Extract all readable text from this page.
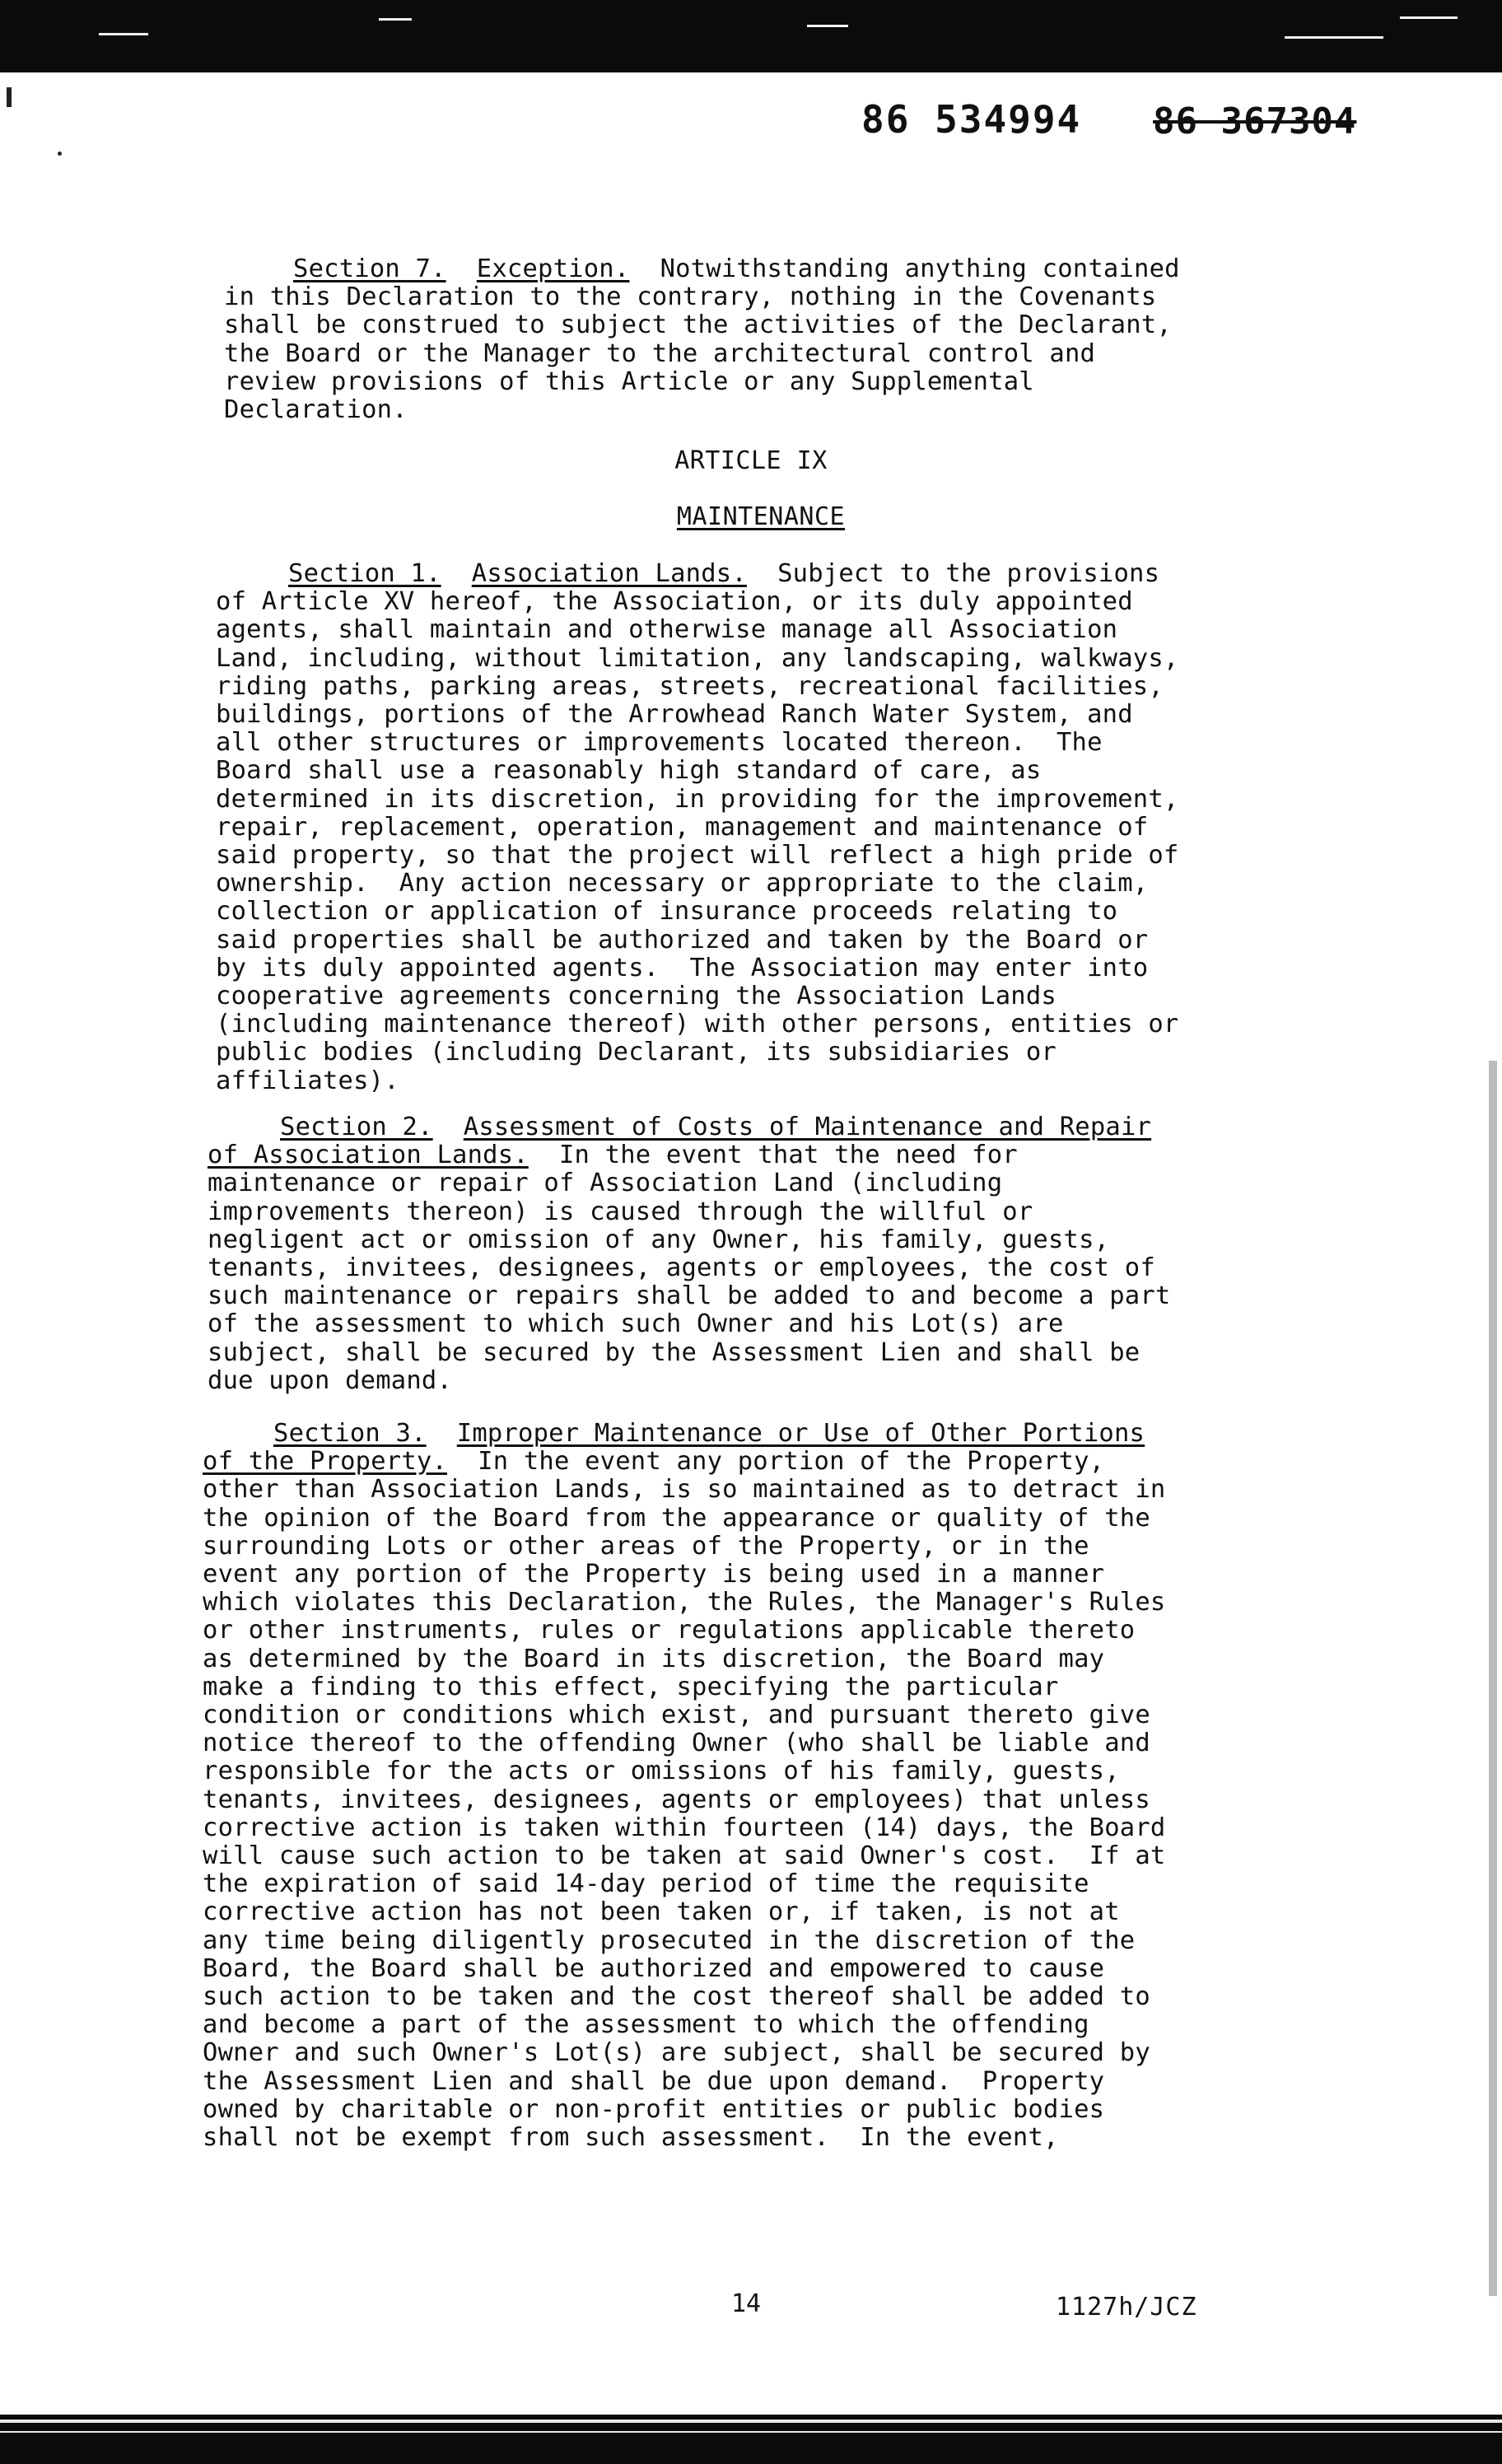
86 534994 86 367304
Section 7. Exception. Notwithstanding anything contained
in this Declaration to the contrary, nothing in the Covenants
shall be construed to subject the activities of the Declarant,
the Board or the Manager to the architectural control and
review provisions of this Article or any Supplemental
Declaration.
ARTICLE IX
MAINTENANCE
Section 1. Association Lands. Subject to the provisions
of Article XV hereof, the Association, or its duly appointed
agents, shall maintain and otherwise manage all Association
Land, including, without limitation, any landscaping, walkways,
riding paths, parking areas, streets, recreational facilities,
buildings, portions of the Arrowhead Ranch Water System, and
all other structures or improvements located thereon.  The
Board shall use a reasonably high standard of care, as
determined in its discretion, in providing for the improvement,
repair, replacement, operation, management and maintenance of
said property, so that the project will reflect a high pride of
ownership.  Any action necessary or appropriate to the claim,
collection or application of insurance proceeds relating to
said properties shall be authorized and taken by the Board or
by its duly appointed agents.  The Association may enter into
cooperative agreements concerning the Association Lands
(including maintenance thereof) with other persons, entities or
public bodies (including Declarant, its subsidiaries or
affiliates).
Section 2. Assessment of Costs of Maintenance and Repair
of Association Lands. In the event that the need for
maintenance or repair of Association Land (including
improvements thereon) is caused through the willful or
negligent act or omission of any Owner, his family, guests,
tenants, invitees, designees, agents or employees, the cost of
such maintenance or repairs shall be added to and become a part
of the assessment to which such Owner and his Lot(s) are
subject, shall be secured by the Assessment Lien and shall be
due upon demand.
Section 3. Improper Maintenance or Use of Other Portions
of the Property. In the event any portion of the Property,
other than Association Lands, is so maintained as to detract in
the opinion of the Board from the appearance or quality of the
surrounding Lots or other areas of the Property, or in the
event any portion of the Property is being used in a manner
which violates this Declaration, the Rules, the Manager's Rules
or other instruments, rules or regulations applicable thereto
as determined by the Board in its discretion, the Board may
make a finding to this effect, specifying the particular
condition or conditions which exist, and pursuant thereto give
notice thereof to the offending Owner (who shall be liable and
responsible for the acts or omissions of his family, guests,
tenants, invitees, designees, agents or employees) that unless
corrective action is taken within fourteen (14) days, the Board
will cause such action to be taken at said Owner's cost.  If at
the expiration of said 14-day period of time the requisite
corrective action has not been taken or, if taken, is not at
any time being diligently prosecuted in the discretion of the
Board, the Board shall be authorized and empowered to cause
such action to be taken and the cost thereof shall be added to
and become a part of the assessment to which the offending
Owner and such Owner's Lot(s) are subject, shall be secured by
the Assessment Lien and shall be due upon demand.  Property
owned by charitable or non-profit entities or public bodies
shall not be exempt from such assessment.  In the event,
14	1127h/JCZ
